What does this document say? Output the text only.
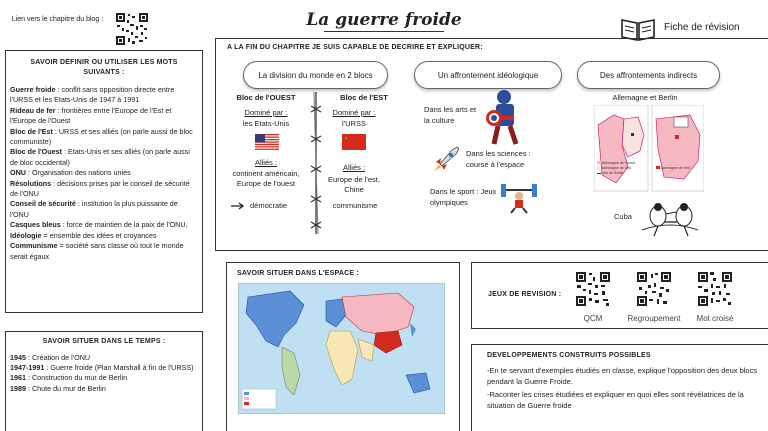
Lien vers le chapitre du blog :	La guerre froide	Fiche de révision
SAVOIR DEFINIR OU UTILISER LES MOTS SUIVANTS :

Guerre froide : conflit sans opposition directe entre l'URSS et les Etats-Unis de 1947 à 1991

Rideau de fer : frontières entre l'Europe de l'Est et l'Europe de l'Ouest

Bloc de l'Est : URSS et ses alliés (on parle aussi de bloc communiste)

Bloc de l'Ouest : Etats-Unis et ses alliés (on parle aussi de bloc occidental)

ONU : Organisation des nations unies

Résolutions : décisions prises par le conseil de sécurité de l'ONU

Conseil de sécurité : institution la plus puissante de l'ONU

Casques bleus : force de maintien de la paix de l'ONU,

Idéologie = ensemble des idées et croyances

Communisme = société sans classe où tout le monde serait égaux

SAVOIR SITUER DANS LE TEMPS :

1945 : Création de l'ONU

1947-1991 : Guerre froide (Plan Marshall à fin de l'URSS)

1961 : Construction du mur de Berlin

1989 : Chute du mur de Berlin

A LA FIN DU CHAPITRE JE SUIS CAPABLE DE DECRIRE ET EXPLIQUER:
La division du monde en 2 blocs	Un affrontement idéologique	Des affrontements indirects
Bloc de l'OUEST
Dominé par :
les Etats-Unis
Alliés :
continent américain, Europe de l'ouest
démocratie
Bloc de l'EST
Dominé par :
l'URSS
Alliés :
Europe de l'est, Chine
communisme
Dans les arts et la culture
Dans les sciences : course à l'espace
Dans le sport : Jeux olympiques
Allemagne et Berlin
Allemagne de l'ouest
Allemagne de l'est
Mur de Berlin
Allemagne de l'est
Cuba
SAVOIR SITUER DANS L'ESPACE :
JEUX DE REVISION :
QCM	Regroupement	Mot croisé
DEVELOPPEMENTS CONSTRUITS POSSIBLES
-En te servant d'exemples étudiés en classe, explique l'opposition des deux blocs pendant la Guerre Froide.
-Raconter les crises étudiées et expliquer en quoi elles sont révélatrices de la situation de Guerre froide
